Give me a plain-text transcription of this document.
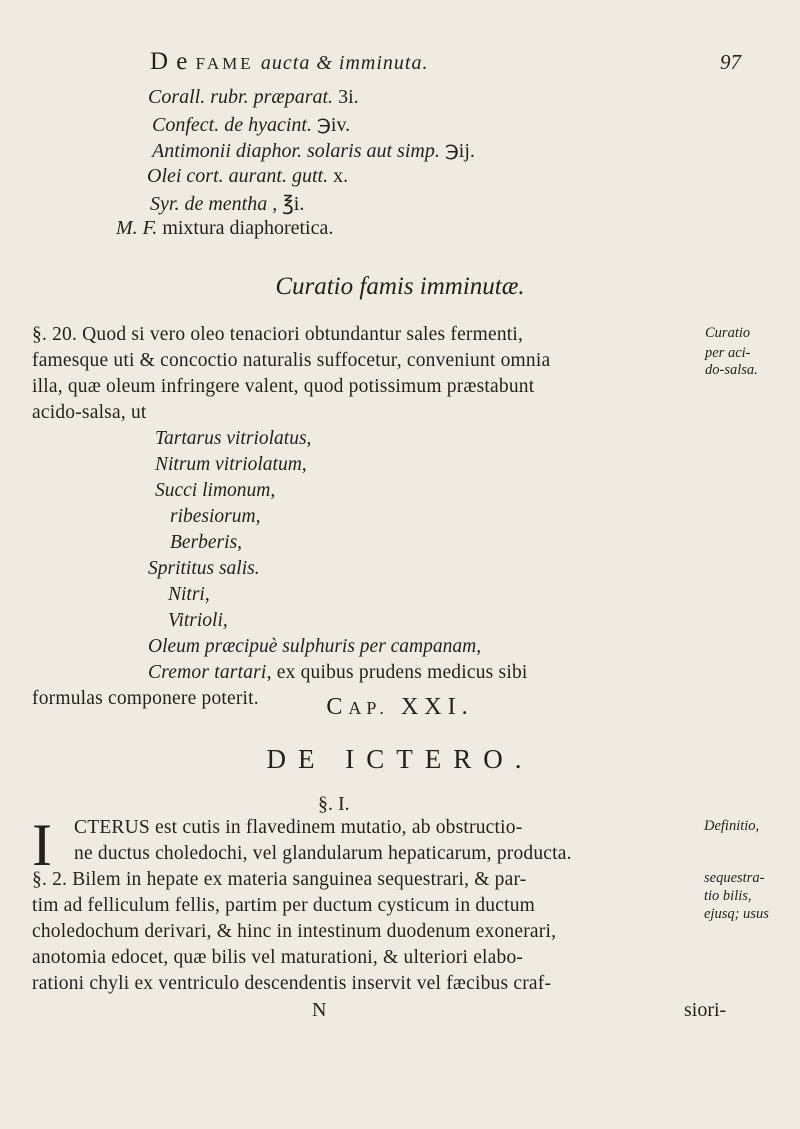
D e FAME aucta & imminuta.	97
Corall. rubr. præparat. 3i.
Confect. de hyacint. ℈iv.
Antimonii diaphor. solaris aut simp. ℈ij.
Olei cort. aurant. gutt. x.
Syr. de mentha , ℥i.
M. F. mixtura diaphoretica.
Curatio famis imminutæ.
§. 20. Quod si vero oleo tenaciori obtundantur sales fermenti,
famesque uti & concoctio naturalis suffocetur, conveniunt omnia
illa, quæ oleum infringere valent, quod potissimum præstabunt
acido-salsa, ut
Curatio
per aci-
do-salsa.
Tartarus vitriolatus,
Nitrum vitriolatum,
Succi limonum,
ribesiorum,
Berberis,
Sprititus salis.
Nitri,
Vitrioli,
Oleum præcipuè sulphuris per campanam,
Cremor tartari, ex quibus prudens medicus sibi
formulas componere poterit.	CAP. XXI.
DE ICTERO.
§. I.
I CTERUS est cutis in flavedinem mutatio, ab obstructio-
ne ductus choledochi, vel glandularum hepaticarum, producta.
Definitio,
§. 2. Bilem in hepate ex materia sanguinea sequestrari, & par-
tim ad felliculum fellis, partim per ductum cysticum in ductum
choledochum derivari, & hinc in intestinum duodenum exonerari,
anotomia edocet, quæ bilis vel maturationi, & ulteriori elabo-
rationi chyli ex ventriculo descendentis inservit vel fæcibus craf-
sequestra-
tio bilis,
ejusq; usus
N	siori-
